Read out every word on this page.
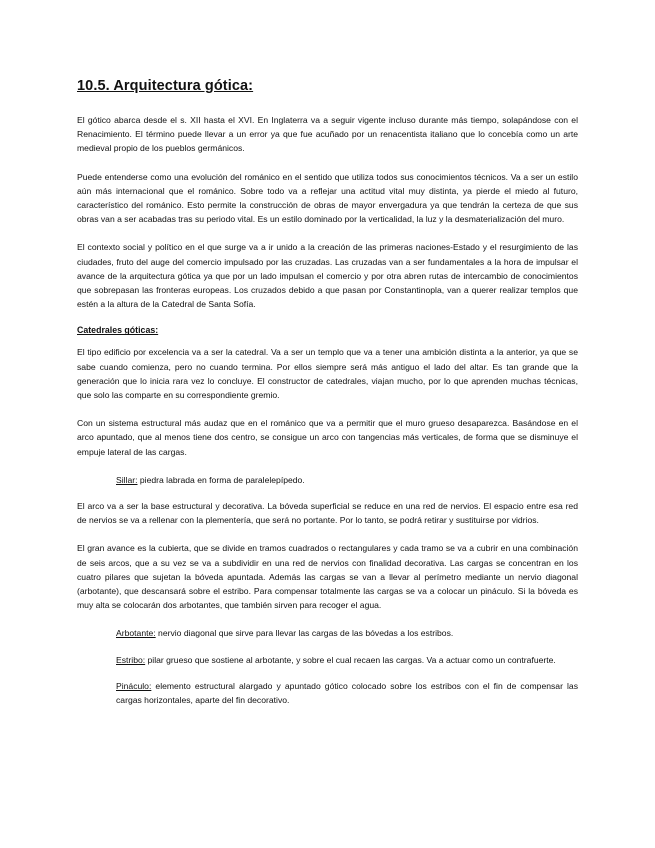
10.5. Arquitectura gótica:

El gótico abarca desde el s. XII hasta el XVI. En Inglaterra va a seguir vigente incluso durante más tiempo, solapándose con el Renacimiento. El término puede llevar a un error ya que fue acuñado por un renacentista italiano que lo concebía como un arte medieval propio de los pueblos germánicos.

Puede entenderse como una evolución del románico en el sentido que utiliza todos sus conocimientos técnicos. Va a ser un estilo aún más internacional que el románico. Sobre todo va a reflejar una actitud vital muy distinta, ya pierde el miedo al futuro, característico del románico. Esto permite la construcción de obras de mayor envergadura ya que tendrán la certeza de que sus obras van a ser acabadas tras su periodo vital. Es un estilo dominado por la verticalidad, la luz y la desmaterialización del muro.

El contexto social y político en el que surge va a ir unido a la creación de las primeras naciones-Estado y el resurgimiento de las ciudades, fruto del auge del comercio impulsado por las cruzadas. Las cruzadas van a ser fundamentales a la hora de impulsar el avance de la arquitectura gótica ya que por un lado impulsan el comercio y por otra abren rutas de intercambio de conocimientos que sobrepasan las fronteras europeas. Los cruzados debido a que pasan por Constantinopla, van a querer realizar templos que estén a la altura de la Catedral de Santa Sofía.

Catedrales góticas:

El tipo edificio por excelencia va a ser la catedral. Va a ser un templo que va a tener una ambición distinta a la anterior, ya que se sabe cuando comienza, pero no cuando termina. Por ellos siempre será más antiguo el lado del altar. Es tan grande que la generación que lo inicia rara vez lo concluye. El constructor de catedrales, viajan mucho, por lo que aprenden muchas técnicas, que solo las comparte en su correspondiente gremio.

Con un sistema estructural más audaz que en el románico que va a permitir que el muro grueso desaparezca. Basándose en el arco apuntado, que al menos tiene dos centro, se consigue un arco con tangencias más verticales, de forma que se disminuye el empuje lateral de las cargas.

Sillar: piedra labrada en forma de paralelepípedo.

El arco va a ser la base estructural y decorativa. La bóveda superficial se reduce en una red de nervios. El espacio entre esa red de nervios se va a rellenar con la plementería, que será no portante. Por lo tanto, se podrá retirar y sustituirse por vidrios.

El gran avance es la cubierta, que se divide en tramos cuadrados o rectangulares y cada tramo se va a cubrir en una combinación de seis arcos, que a su vez se va a subdividir en una red de nervios con finalidad decorativa. Las cargas se concentran en los cuatro pilares que sujetan la bóveda apuntada. Además las cargas se van a llevar al perímetro mediante un nervio diagonal (arbotante), que descansará sobre el estribo. Para compensar totalmente las cargas se va a colocar un pináculo. Si la bóveda es muy alta se colocarán dos arbotantes, que también sirven para recoger el agua.

Arbotante: nervio diagonal que sirve para llevar las cargas de las bóvedas a los estribos.
Estribo: pilar grueso que sostiene al arbotante, y sobre el cual recaen las cargas. Va a actuar como un contrafuerte.
Pináculo: elemento estructural alargado y apuntado gótico colocado sobre los estribos con el fin de compensar las cargas horizontales, aparte del fin decorativo.
